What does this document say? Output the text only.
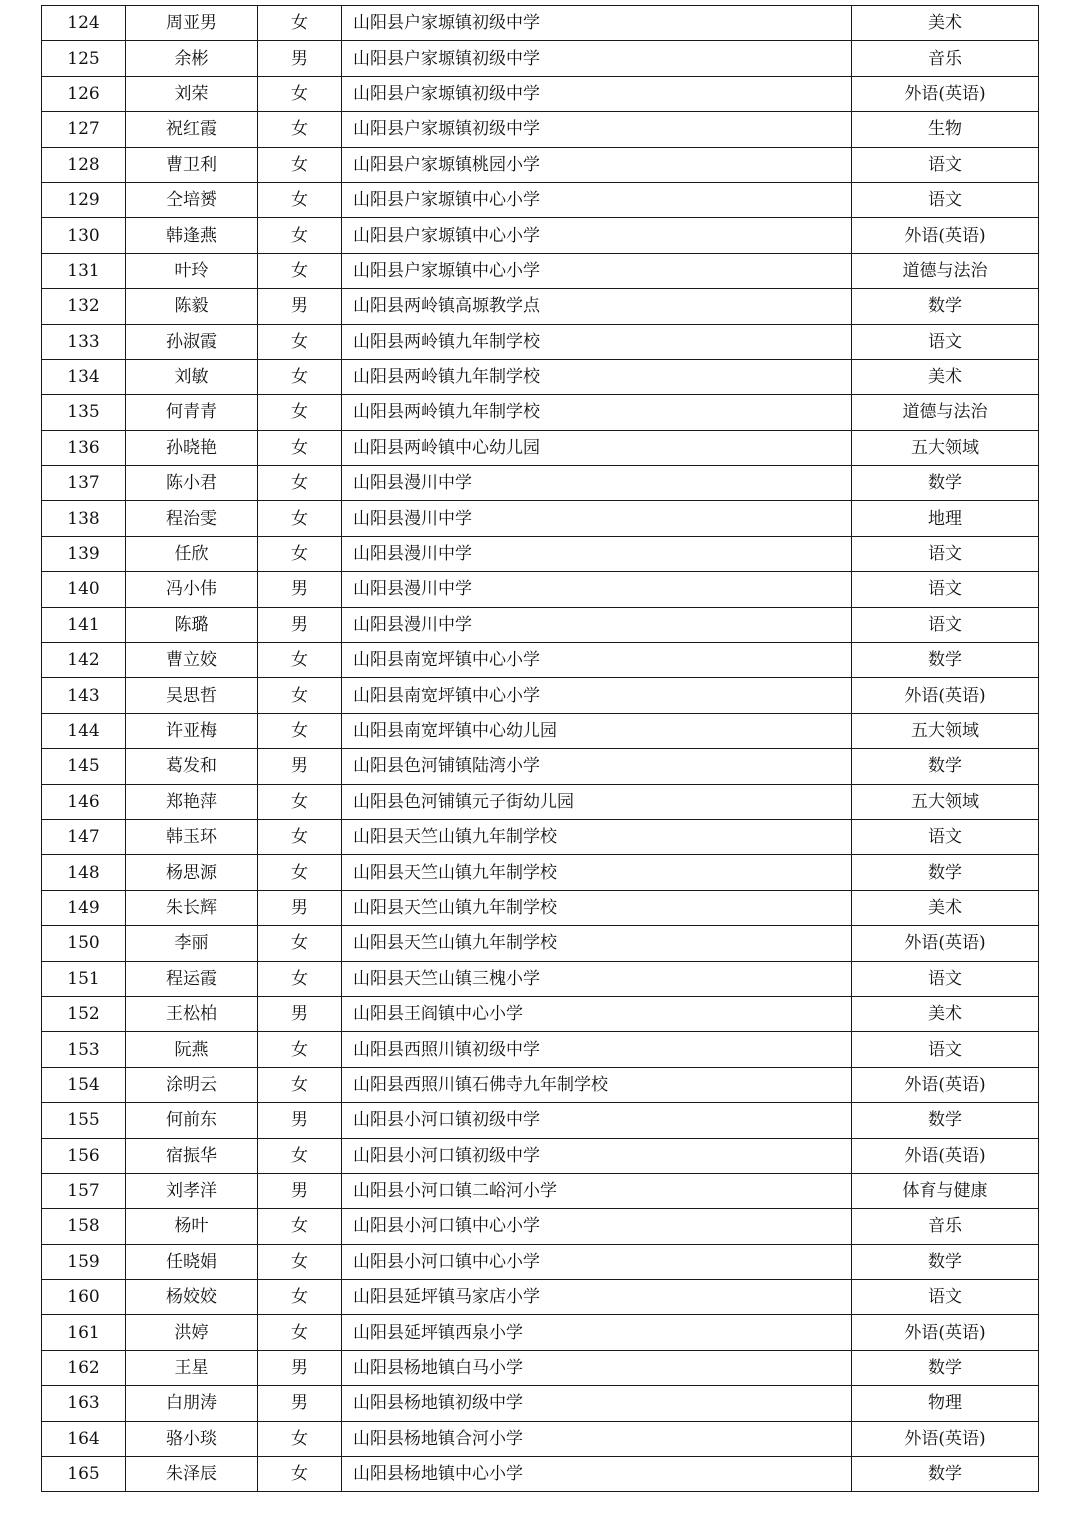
124	周亚男	女	山阳县户家塬镇初级中学	美术
125	余彬	男	山阳县户家塬镇初级中学	音乐
126	刘荣	女	山阳县户家塬镇初级中学	外语(英语)
127	祝红霞	女	山阳县户家塬镇初级中学	生物
128	曹卫利	女	山阳县户家塬镇桃园小学	语文
129	仝培赟	女	山阳县户家塬镇中心小学	语文
130	韩逢燕	女	山阳县户家塬镇中心小学	外语(英语)
131	叶玲	女	山阳县户家塬镇中心小学	道德与法治
132	陈毅	男	山阳县两岭镇高塬教学点	数学
133	孙淑霞	女	山阳县两岭镇九年制学校	语文
134	刘敏	女	山阳县两岭镇九年制学校	美术
135	何青青	女	山阳县两岭镇九年制学校	道德与法治
136	孙晓艳	女	山阳县两岭镇中心幼儿园	五大领域
137	陈小君	女	山阳县漫川中学	数学
138	程治雯	女	山阳县漫川中学	地理
139	任欣	女	山阳县漫川中学	语文
140	冯小伟	男	山阳县漫川中学	语文
141	陈璐	男	山阳县漫川中学	语文
142	曹立姣	女	山阳县南宽坪镇中心小学	数学
143	吴思哲	女	山阳县南宽坪镇中心小学	外语(英语)
144	许亚梅	女	山阳县南宽坪镇中心幼儿园	五大领域
145	葛发和	男	山阳县色河铺镇陆湾小学	数学
146	郑艳萍	女	山阳县色河铺镇元子街幼儿园	五大领域
147	韩玉环	女	山阳县天竺山镇九年制学校	语文
148	杨思源	女	山阳县天竺山镇九年制学校	数学
149	朱长辉	男	山阳县天竺山镇九年制学校	美术
150	李丽	女	山阳县天竺山镇九年制学校	外语(英语)
151	程运霞	女	山阳县天竺山镇三槐小学	语文
152	王松柏	男	山阳县王阎镇中心小学	美术
153	阮燕	女	山阳县西照川镇初级中学	语文
154	涂明云	女	山阳县西照川镇石佛寺九年制学校	外语(英语)
155	何前东	男	山阳县小河口镇初级中学	数学
156	宿振华	女	山阳县小河口镇初级中学	外语(英语)
157	刘孝洋	男	山阳县小河口镇二峪河小学	体育与健康
158	杨叶	女	山阳县小河口镇中心小学	音乐
159	任晓娟	女	山阳县小河口镇中心小学	数学
160	杨姣姣	女	山阳县延坪镇马家店小学	语文
161	洪婷	女	山阳县延坪镇西泉小学	外语(英语)
162	王星	男	山阳县杨地镇白马小学	数学
163	白朋涛	男	山阳县杨地镇初级中学	物理
164	骆小琰	女	山阳县杨地镇合河小学	外语(英语)
165	朱泽辰	女	山阳县杨地镇中心小学	数学
